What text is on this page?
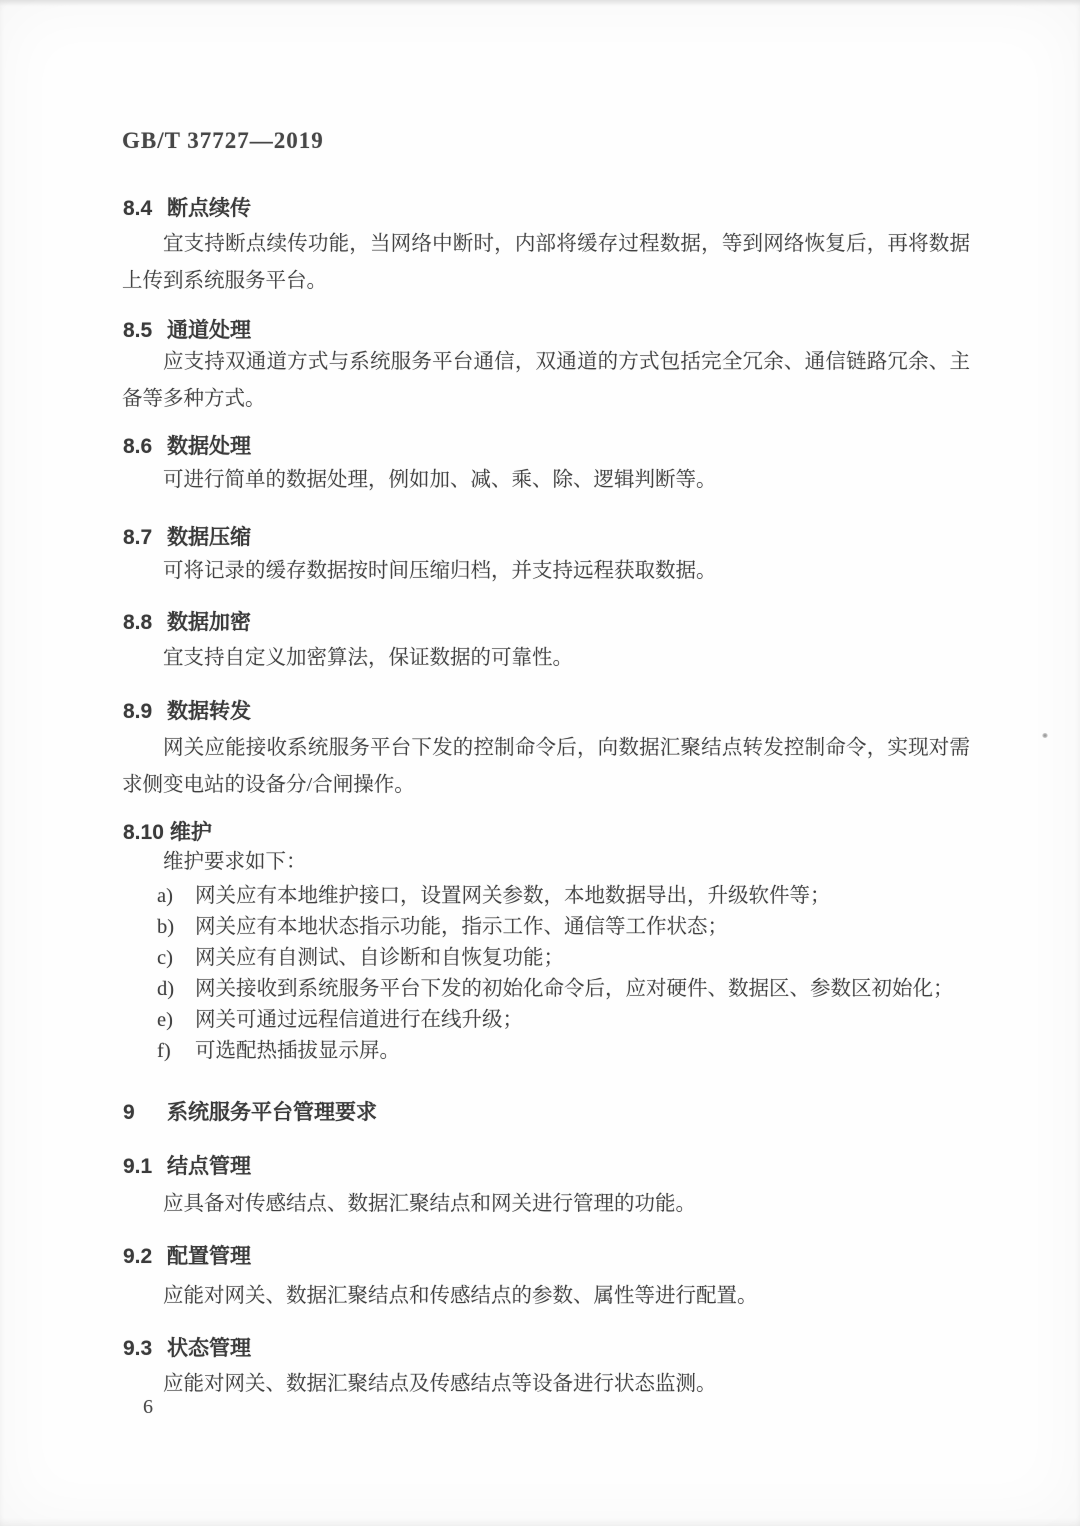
GB/T 37727—2019
8.4 断点续传

宜支持断点续传功能，当网络中断时，内部将缓存过程数据，等到网络恢复后，再将数据上传到系统服务平台。

8.5 通道处理

应支持双通道方式与系统服务平台通信，双通道的方式包括完全冗余、通信链路冗余、主备等多种方式。

8.6 数据处理

可进行简单的数据处理，例如加、减、乘、除、逻辑判断等。

8.7 数据压缩

可将记录的缓存数据按时间压缩归档，并支持远程获取数据。

8.8 数据加密

宜支持自定义加密算法，保证数据的可靠性。

8.9 数据转发

网关应能接收系统服务平台下发的控制命令后，向数据汇聚结点转发控制命令，实现对需求侧变电站的设备分/合闸操作。

8.10 维护

维护要求如下：

a)	网关应有本地维护接口，设置网关参数，本地数据导出，升级软件等；
b)	网关应有本地状态指示功能，指示工作、通信等工作状态；
c)	网关应有自测试、自诊断和自恢复功能；
d)	网关接收到系统服务平台下发的初始化命令后，应对硬件、数据区、参数区初始化；
e)	网关可通过远程信道进行在线升级；
f)	可选配热插拔显示屏。
9 系统服务平台管理要求
9.1 结点管理

应具备对传感结点、数据汇聚结点和网关进行管理的功能。

9.2 配置管理

应能对网关、数据汇聚结点和传感结点的参数、属性等进行配置。

9.3 状态管理

应能对网关、数据汇聚结点及传感结点等设备进行状态监测。

6
